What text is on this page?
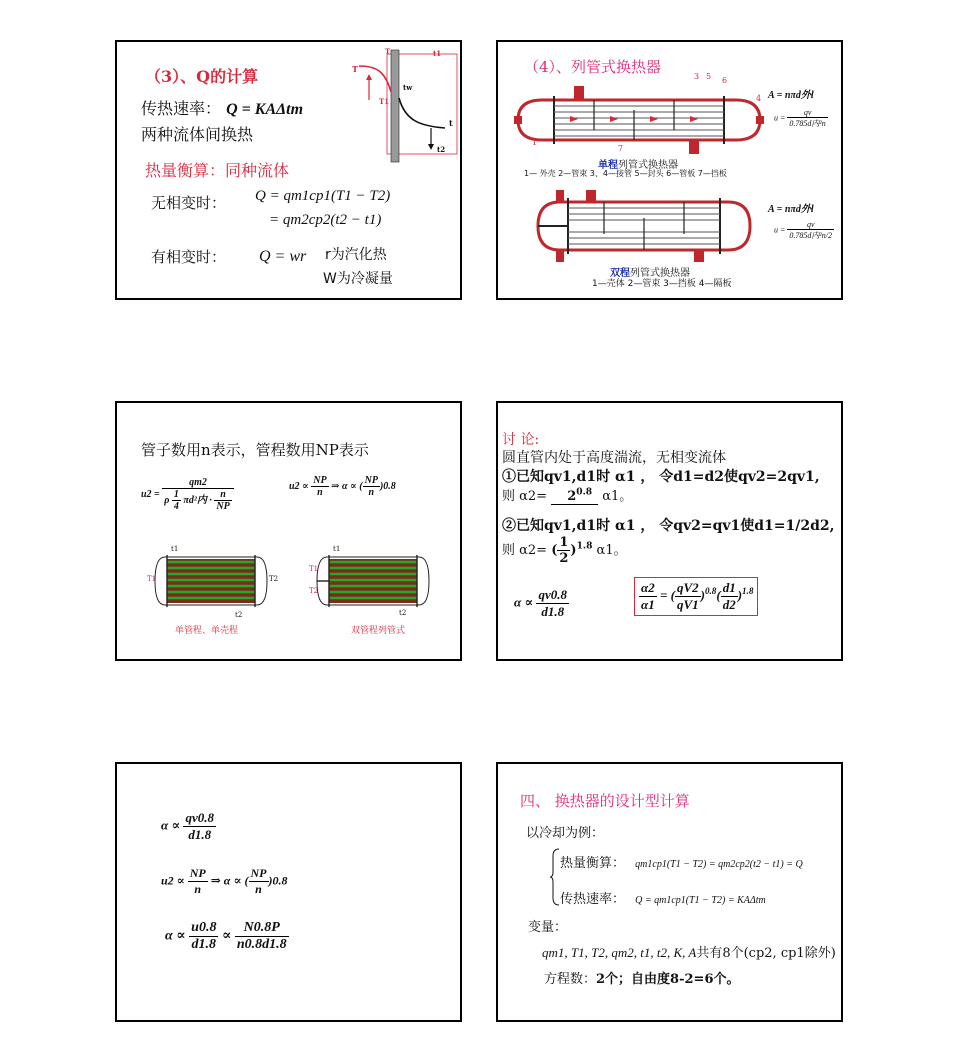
（3）、Q的计算
传热速率： Q = KAΔtm
两种流体间换热
热量衡算：同种流体
无相变时： Q = qm1cp1(T1 − T2)
= qm2cp2(t2 − t1)
有相变时： Q = wr r为汽化热
W为冷凝量
T	t1
T
T1
tw
t
t2
（4）、列管式换热器
3 5 6
4
1
7
A = nπd外l
$u = \frac{qv}{\text{0.785d内²n}}$
单程列管式换热器
1— 外壳 2—管束 3、4—接管 5—封头 6—管板 7—挡板
A = nπd外l
$u = \frac{qv}{\text{0.785d内²n/2}}$
双程列管式换热器
1—壳体 2—管束 3—挡板 4—隔板
管子数用n表示，管程数用NP表示
$u2 = \frac{qm2}{\rho \frac{1}{4} \pi d^2内 \cdot \frac{n}{NP}}$	$u2 \propto \frac{NP}{n}$ ⇒ α ∝ ( $\frac{NP}{n} )0.8$
t1
T1	T2
t2
单管程、单壳程
t1
T1
T2
t2
双管程列管式
讨 论:
圆直管内处于高度湍流，无相变流体
①已知qv1,d1时 α1 ， 令d1=d2使qv2=2qv1,
则 $\alpha 2= 2^{0.8}$ α1。
②已知qv1,d1时 α1 ， 令qv2=qv1使d1=1/2d2,
则 α2= ( $\frac{1}{2} )^{1.8}$ α1。
$\alpha \propto \frac{qv0.8}{d1.8}$	$\frac{\alpha 2}{\alpha 1}$ = ( $\frac{qV2}{qV1} )^{0.8}( \frac{d1}{d2} )^{1.8}$
$\alpha \propto \frac{qv0.8}{d1.8}$
$u2 \propto \frac{NP}{n}$ ⇒ α ∝ ( $\frac{NP}{n} )0.8$
$\alpha \propto \frac{u0.8}{d1.8} \propto \frac{N0.8P}{n0.8d1.8}$
四、 换热器的设计型计算
以冷却为例：
热量衡算： qm1cp1(T1 − T2) = qm2cp2(t2 − t1) = Q
传热速率： Q = qm1cp1(T1 − T2) = KAΔtm
变量：
qm1, T1, T2, qm2, t1, t2, K, A共有8个(cp2, cp1除外)
方程数：2个；自由度8-2=6个。
